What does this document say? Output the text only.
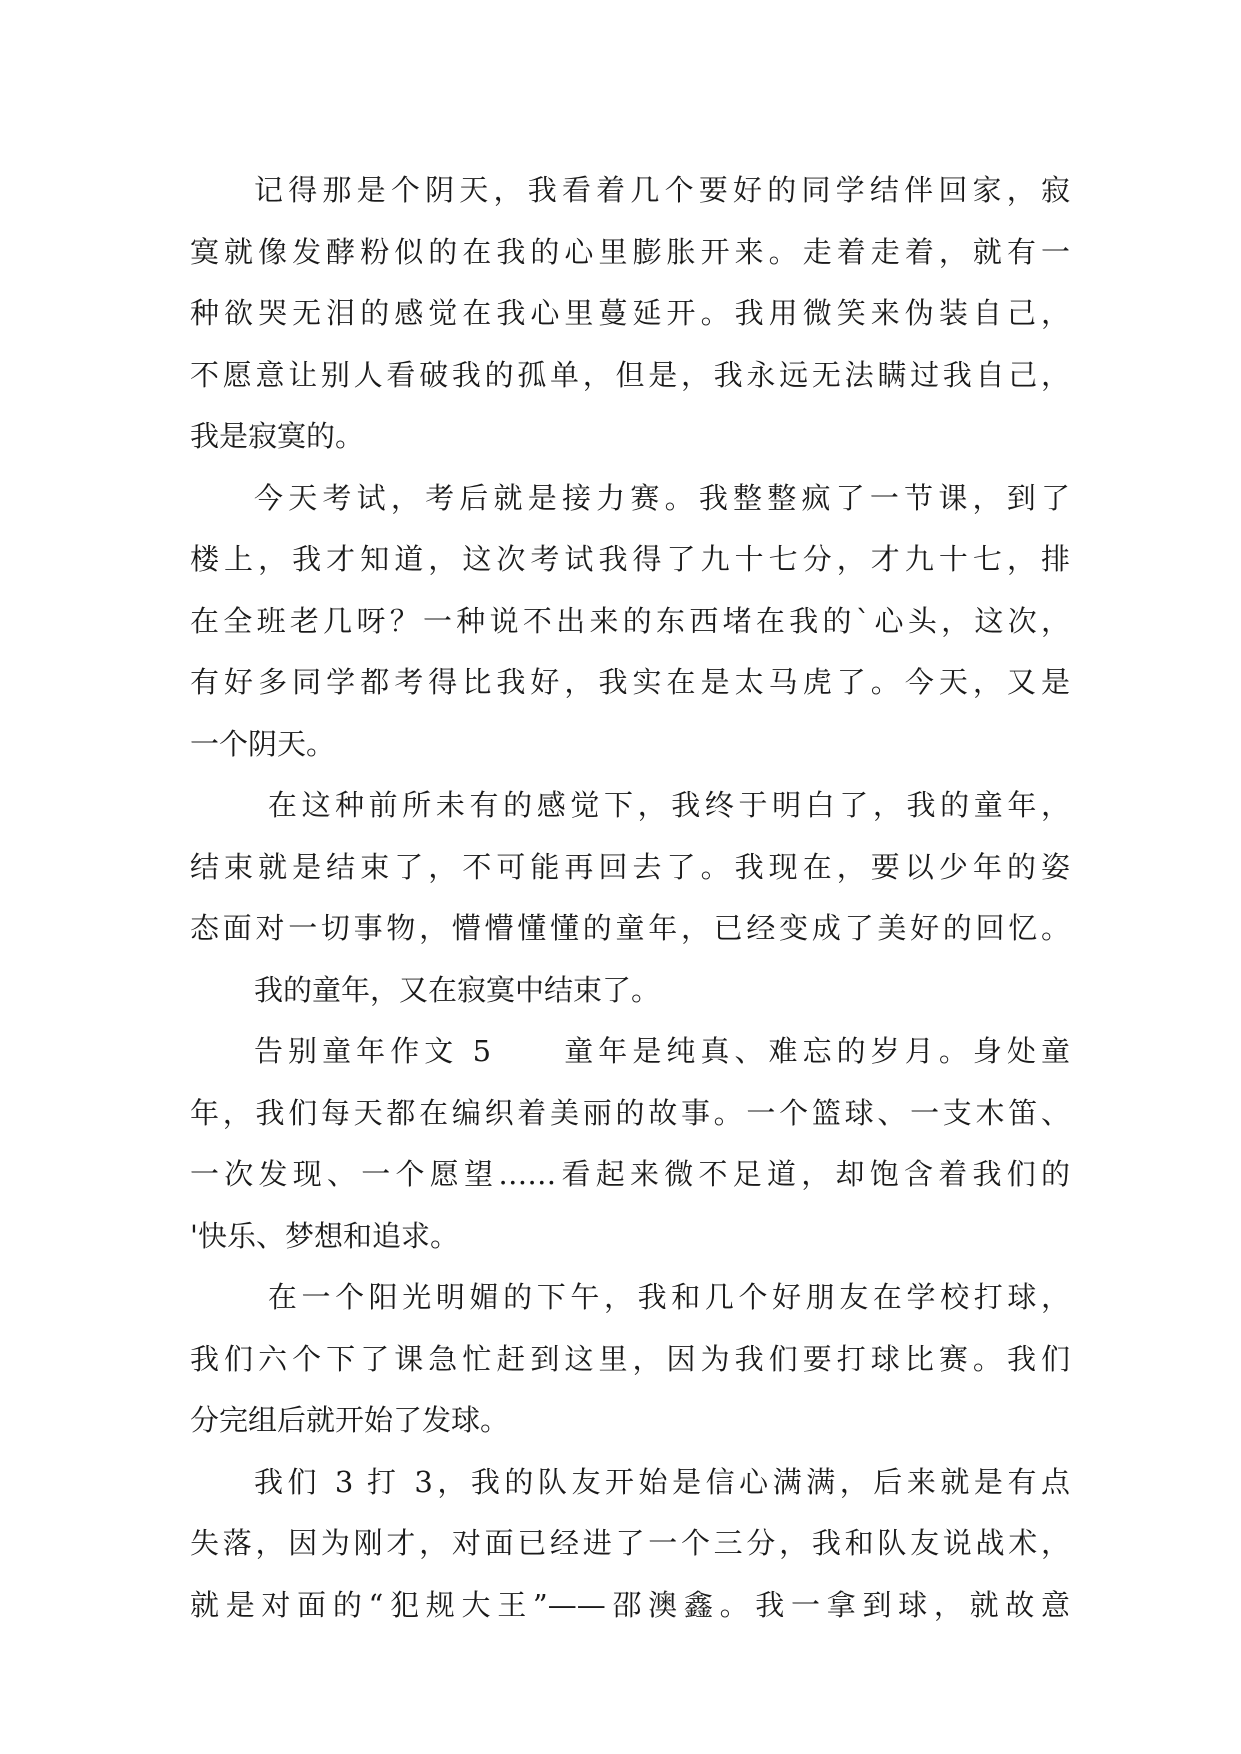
记得那是个阴天，我看着几个要好的同学结伴回家，寂
寞就像发酵粉似的在我的心里膨胀开来。走着走着，就有一
种欲哭无泪的感觉在我心里蔓延开。我用微笑来伪装自己，
不愿意让别人看破我的孤单，但是，我永远无法瞒过我自己，
我是寂寞的。
今天考试，考后就是接力赛。我整整疯了一节课，到了
楼上，我才知道，这次考试我得了九十七分，才九十七，排
在全班老几呀？一种说不出来的东西堵在我的`心头，这次，
有好多同学都考得比我好，我实在是太马虎了。今天，又是
一个阴天。
在这种前所未有的感觉下，我终于明白了，我的童年，
结束就是结束了，不可能再回去了。我现在，要以少年的姿
态面对一切事物，懵懵懂懂的童年，已经变成了美好的回忆。
我的童年，又在寂寞中结束了。
告别童年作文 5　　童年是纯真、难忘的岁月。身处童
年，我们每天都在编织着美丽的故事。一个篮球、一支木笛、
一次发现、一个愿望……看起来微不足道，却饱含着我们的
'快乐、梦想和追求。
在一个阳光明媚的下午，我和几个好朋友在学校打球，
我们六个下了课急忙赶到这里，因为我们要打球比赛。我们
分完组后就开始了发球。
我们 3 打 3，我的队友开始是信心满满，后来就是有点
失落，因为刚才，对面已经进了一个三分，我和队友说战术，
就是对面的“犯规大王”——邵澳鑫。我一拿到球，就故意
